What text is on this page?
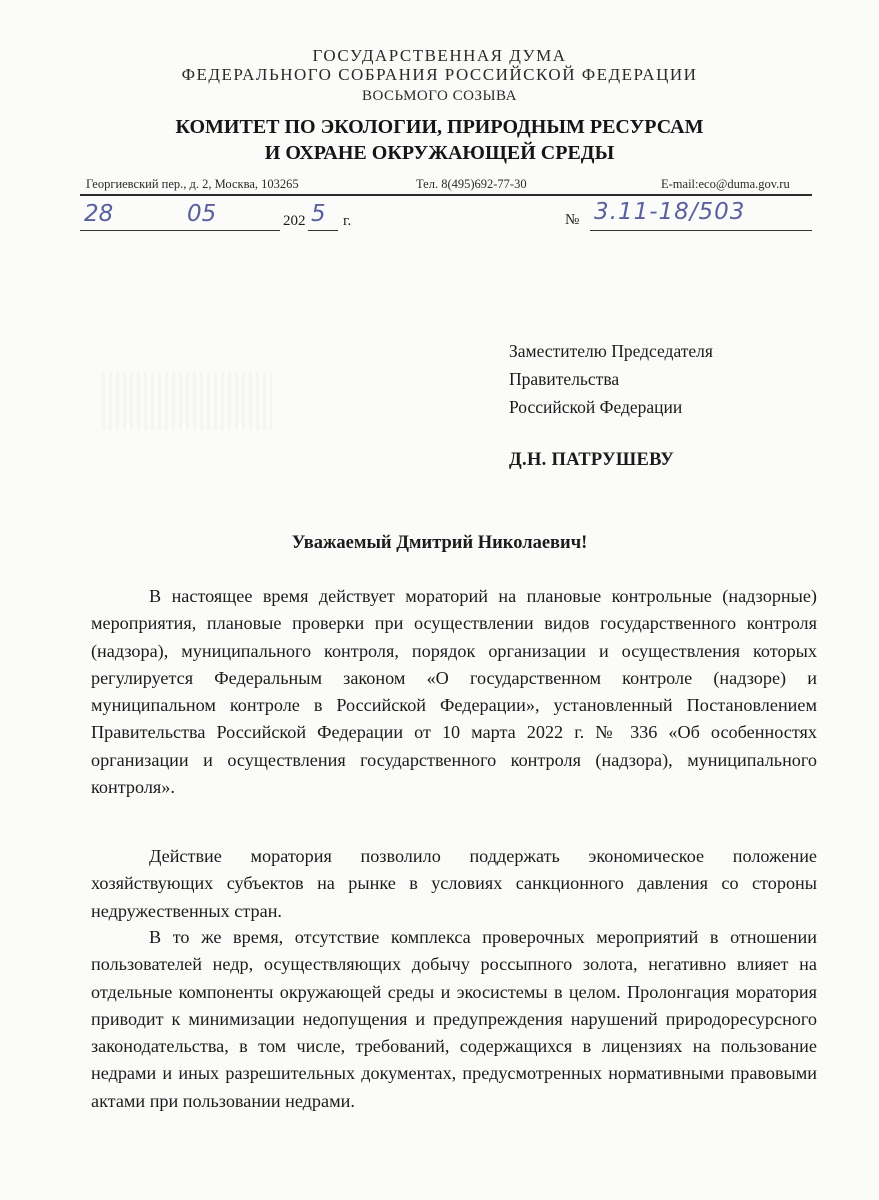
ГОСУДАРСТВЕННАЯ ДУМА
ФЕДЕРАЛЬНОГО СОБРАНИЯ РОССИЙСКОЙ ФЕДЕРАЦИИ
ВОСЬМОГО СОЗЫВА
КОМИТЕТ ПО ЭКОЛОГИИ, ПРИРОДНЫМ РЕСУРСАМ
И ОХРАНЕ ОКРУЖАЮЩЕЙ СРЕДЫ
Георгиевский пер., д. 2, Москва, 103265	Тел. 8(495)692-77-30	E-mail:eco@duma.gov.ru
28	05	202 5 г.	№ 3.11-18/503
Заместителю Председателя
Правительства
Российской Федерации
Д.Н. ПАТРУШЕВУ
Уважаемый Дмитрий Николаевич!

В настоящее время действует мораторий на плановые контрольные (надзорные) мероприятия, плановые проверки при осуществлении видов государственного контроля (надзора), муниципального контроля, порядок организации и осуществления которых регулируется Федеральным законом «О государственном контроле (надзоре) и муниципальном контроле в Российской Федерации», установленный Постановлением Правительства Российской Федерации от 10 марта 2022 г. № 336 «Об особенностях организации и осуществления государственного контроля (надзора), муниципального контроля».

Действие моратория позволило поддержать экономическое положение хозяйствующих субъектов на рынке в условиях санкционного давления со стороны недружественных стран.

В то же время, отсутствие комплекса проверочных мероприятий в отношении пользователей недр, осуществляющих добычу россыпного золота, негативно влияет на отдельные компоненты окружающей среды и экосистемы в целом. Пролонгация моратория приводит к минимизации недопущения и предупреждения нарушений природоресурсного законодательства, в том числе, требований, содержащихся в лицензиях на пользование недрами и иных разрешительных документах, предусмотренных нормативными правовыми актами при пользовании недрами.
